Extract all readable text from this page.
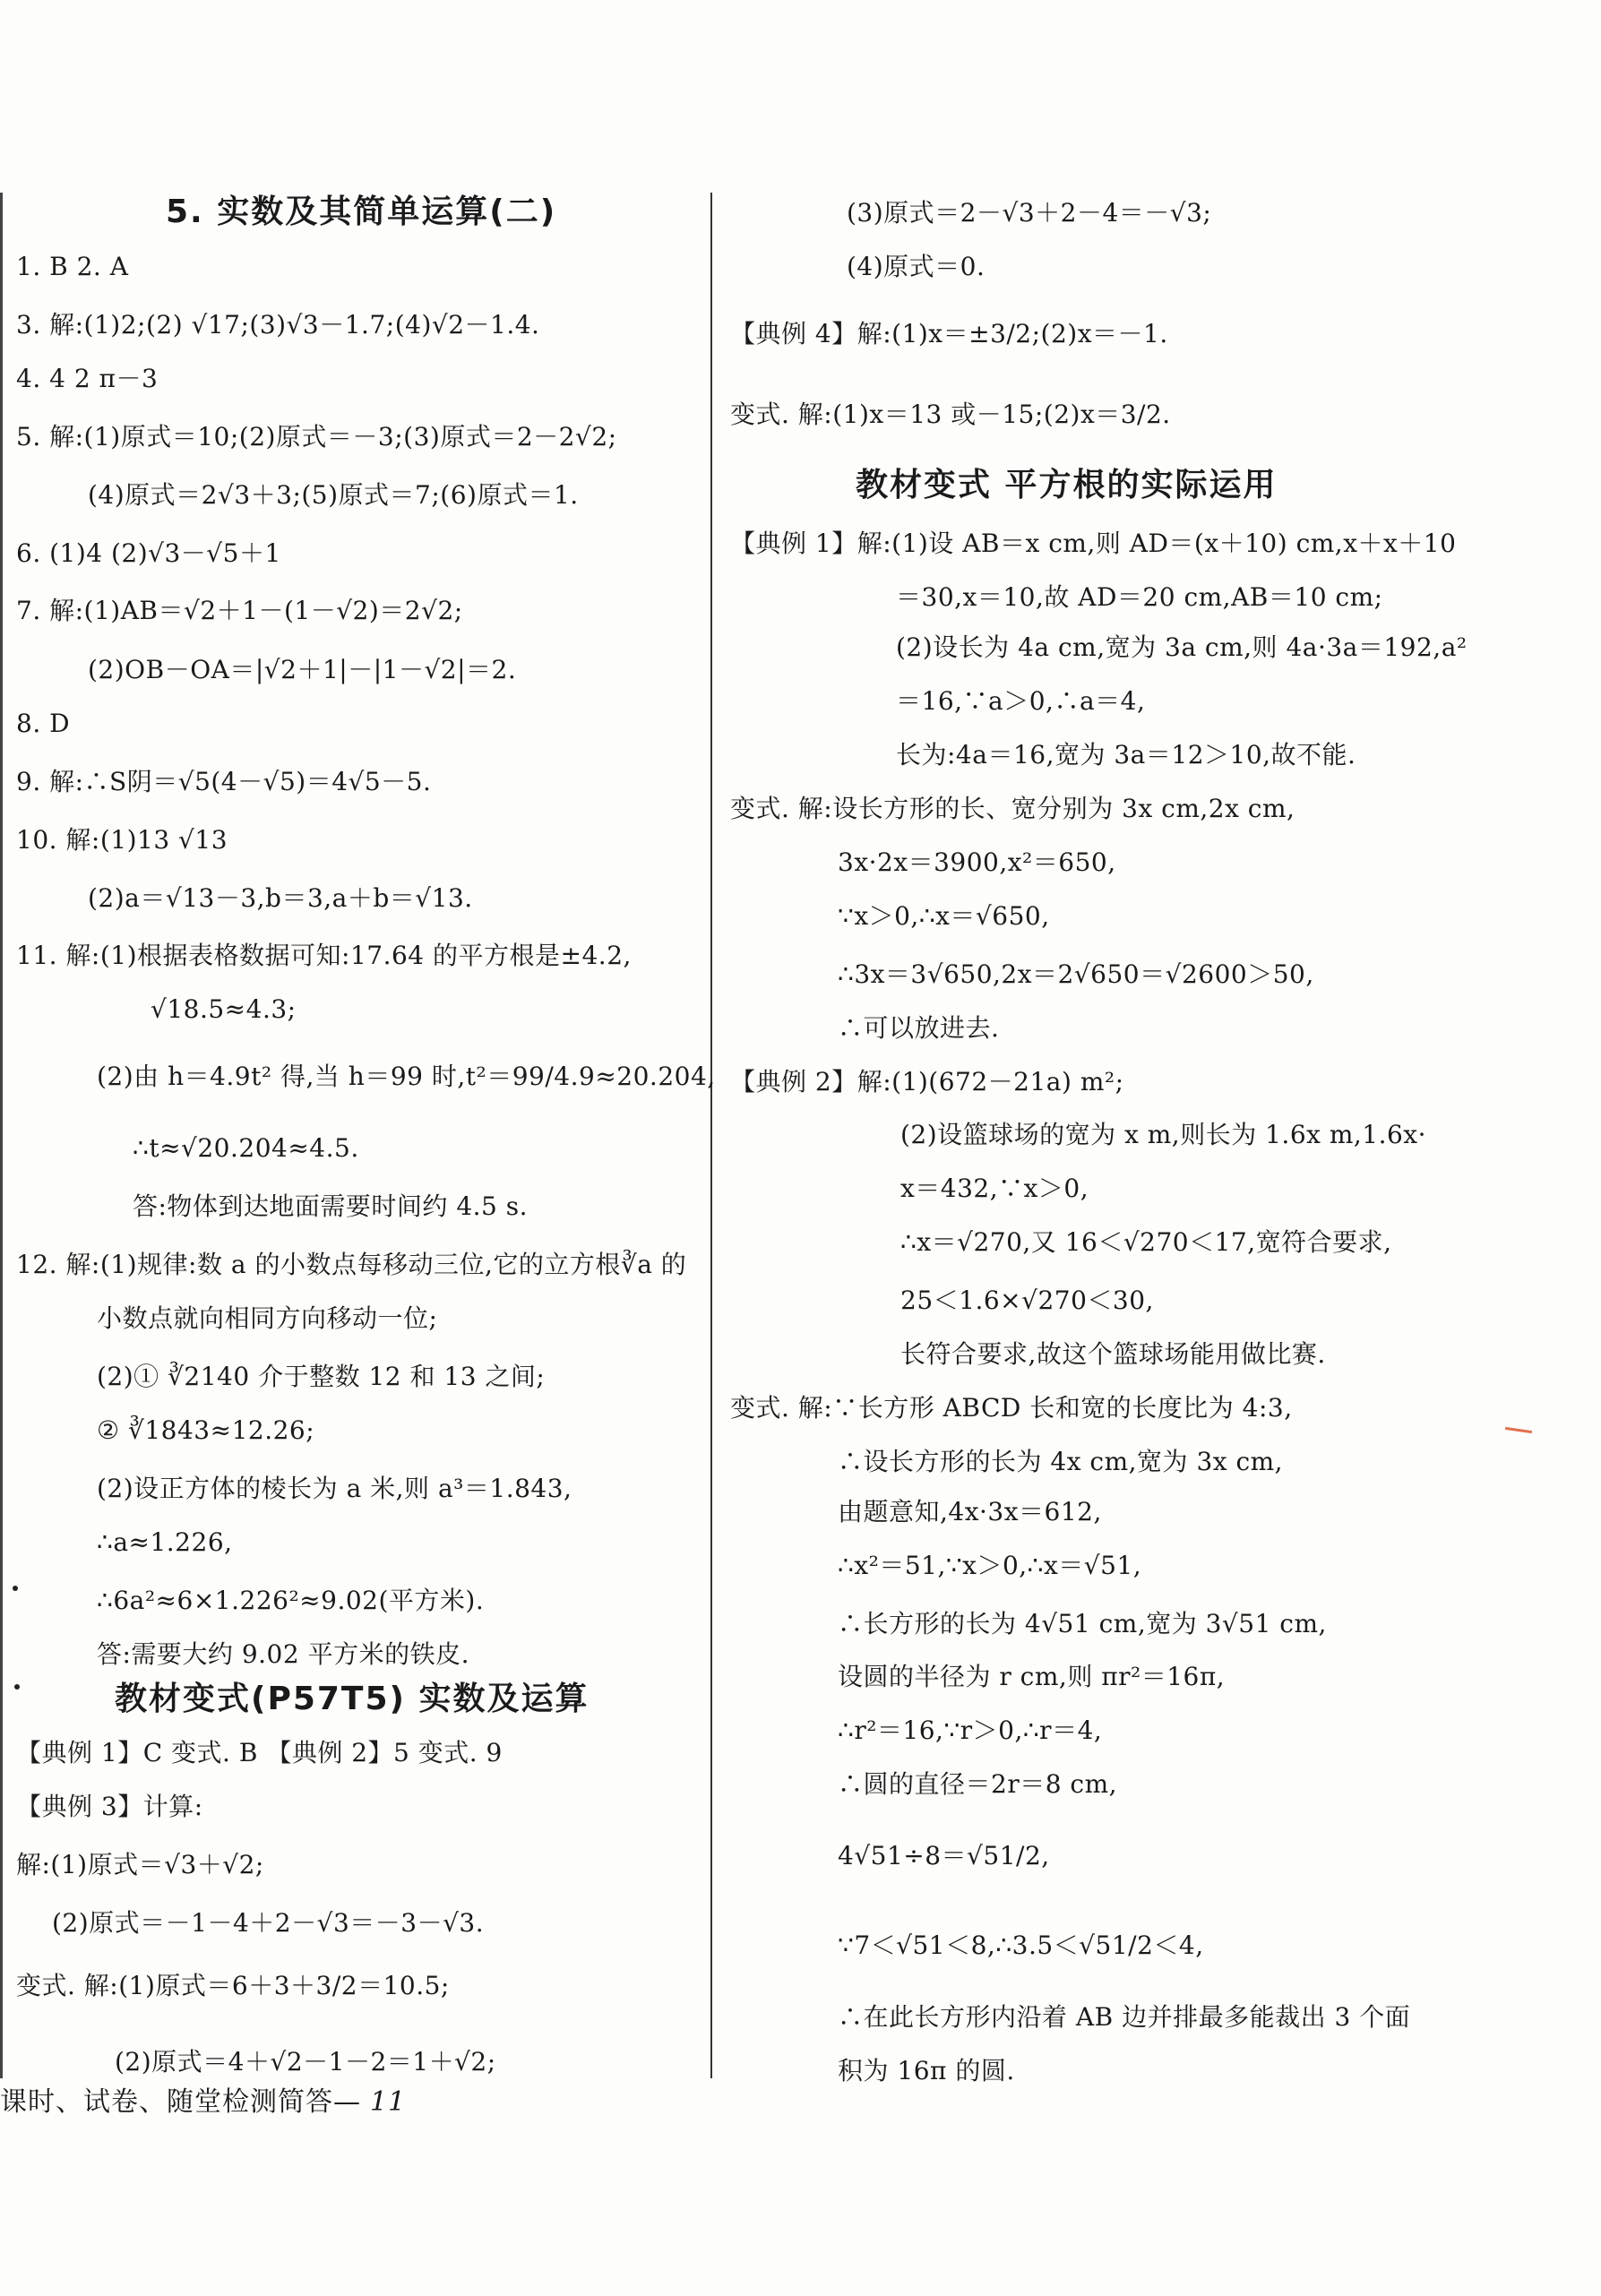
5. 实数及其简单运算(二)
1. B 2. A
3. 解:(1)2;(2) √17;(3)√3－1.7;(4)√2－1.4.
4. 4 2 π－3
5. 解:(1)原式＝10;(2)原式＝－3;(3)原式＝2－2√2;
(4)原式＝2√3＋3;(5)原式＝7;(6)原式＝1.
6. (1)4 (2)√3－√5＋1
7. 解:(1)AB＝√2＋1－(1－√2)＝2√2;
(2)OB－OA＝|√2＋1|－|1－√2|＝2.
8. D
9. 解:∴S阴＝√5(4－√5)＝4√5－5.
10. 解:(1)13 √13
(2)a＝√13－3,b＝3,a＋b＝√13.
11. 解:(1)根据表格数据可知:17.64 的平方根是±4.2,
√18.5≈4.3;
(2)由 h＝4.9t² 得,当 h＝99 时,t²＝99/4.9≈20.204,
∴t≈√20.204≈4.5.
答:物体到达地面需要时间约 4.5 s.
12. 解:(1)规律:数 a 的小数点每移动三位,它的立方根∛a 的
小数点就向相同方向移动一位;
(2)① ∛2140 介于整数 12 和 13 之间;
② ∛1843≈12.26;
(2)设正方体的棱长为 a 米,则 a³＝1.843,
∴a≈1.226,
∴6a²≈6×1.226²≈9.02(平方米).
答:需要大约 9.02 平方米的铁皮.
教材变式(P57T5) 实数及运算
【典例 1】C 变式. B 【典例 2】5 变式. 9
【典例 3】计算:
解:(1)原式＝√3＋√2;
(2)原式＝－1－4＋2－√3＝－3－√3.
变式. 解:(1)原式＝6＋3＋3/2＝10.5;
(2)原式＝4＋√2－1－2＝1＋√2;
(3)原式＝2－√3＋2－4＝－√3;
(4)原式＝0.
【典例 4】解:(1)x＝±3/2;(2)x＝－1.
变式. 解:(1)x＝13 或－15;(2)x＝3/2.
教材变式 平方根的实际运用
【典例 1】解:(1)设 AB＝x cm,则 AD＝(x＋10) cm,x＋x＋10
＝30,x＝10,故 AD＝20 cm,AB＝10 cm;
(2)设长为 4a cm,宽为 3a cm,则 4a·3a＝192,a²
＝16,∵a＞0,∴a＝4,
长为:4a＝16,宽为 3a＝12＞10,故不能.
变式. 解:设长方形的长、宽分别为 3x cm,2x cm,
3x·2x＝3900,x²＝650,
∵x＞0,∴x＝√650,
∴3x＝3√650,2x＝2√650＝√2600＞50,
∴可以放进去.
【典例 2】解:(1)(672－21a) m²;
(2)设篮球场的宽为 x m,则长为 1.6x m,1.6x·
x＝432,∵x＞0,
∴x＝√270,又 16＜√270＜17,宽符合要求,
25＜1.6×√270＜30,
长符合要求,故这个篮球场能用做比赛.
变式. 解:∵长方形 ABCD 长和宽的长度比为 4:3,
∴设长方形的长为 4x cm,宽为 3x cm,
由题意知,4x·3x＝612,
∴x²＝51,∵x＞0,∴x＝√51,
∴长方形的长为 4√51 cm,宽为 3√51 cm,
设圆的半径为 r cm,则 πr²＝16π,
∴r²＝16,∵r＞0,∴r＝4,
∴圆的直径＝2r＝8 cm,
4√51÷8＝√51/2,
∵7＜√51＜8,∴3.5＜√51/2＜4,
∴在此长方形内沿着 AB 边并排最多能裁出 3 个面
积为 16π 的圆.
课时、试卷、随堂检测简答— 11
